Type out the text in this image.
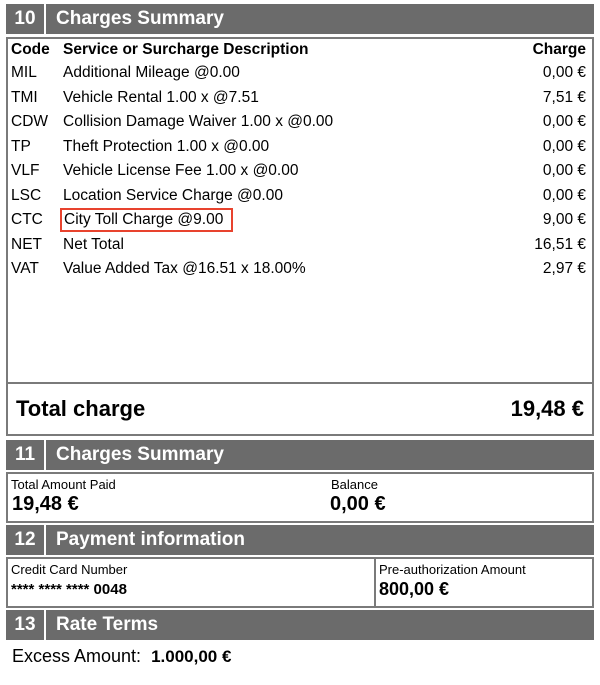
10	Charges Summary
Code	Service or Surcharge Description	Charge
MIL	Additional Mileage @0.00	0,00 €
TMI	Vehicle Rental 1.00 x @7.51	7,51 €
CDW	Collision Damage Waiver 1.00 x @0.00	0,00 €
TP	Theft Protection 1.00 x @0.00	0,00 €
VLF	Vehicle License Fee 1.00 x @0.00	0,00 €
LSC	Location Service Charge @0.00	0,00 €
CTC	City Toll Charge @9.00	9,00 €
NET	Net Total	16,51 €
VAT	Value Added Tax @16.51 x 18.00%	2,97 €
Total charge	19,48 €
11	Charges Summary
Total Amount Paid
19,48 €
Balance
0,00 €
12	Payment information
Credit Card Number
**** **** **** 0048
Pre-authorization Amount
800,00 €
13	Rate Terms
Excess Amount: 1.000,00 €
